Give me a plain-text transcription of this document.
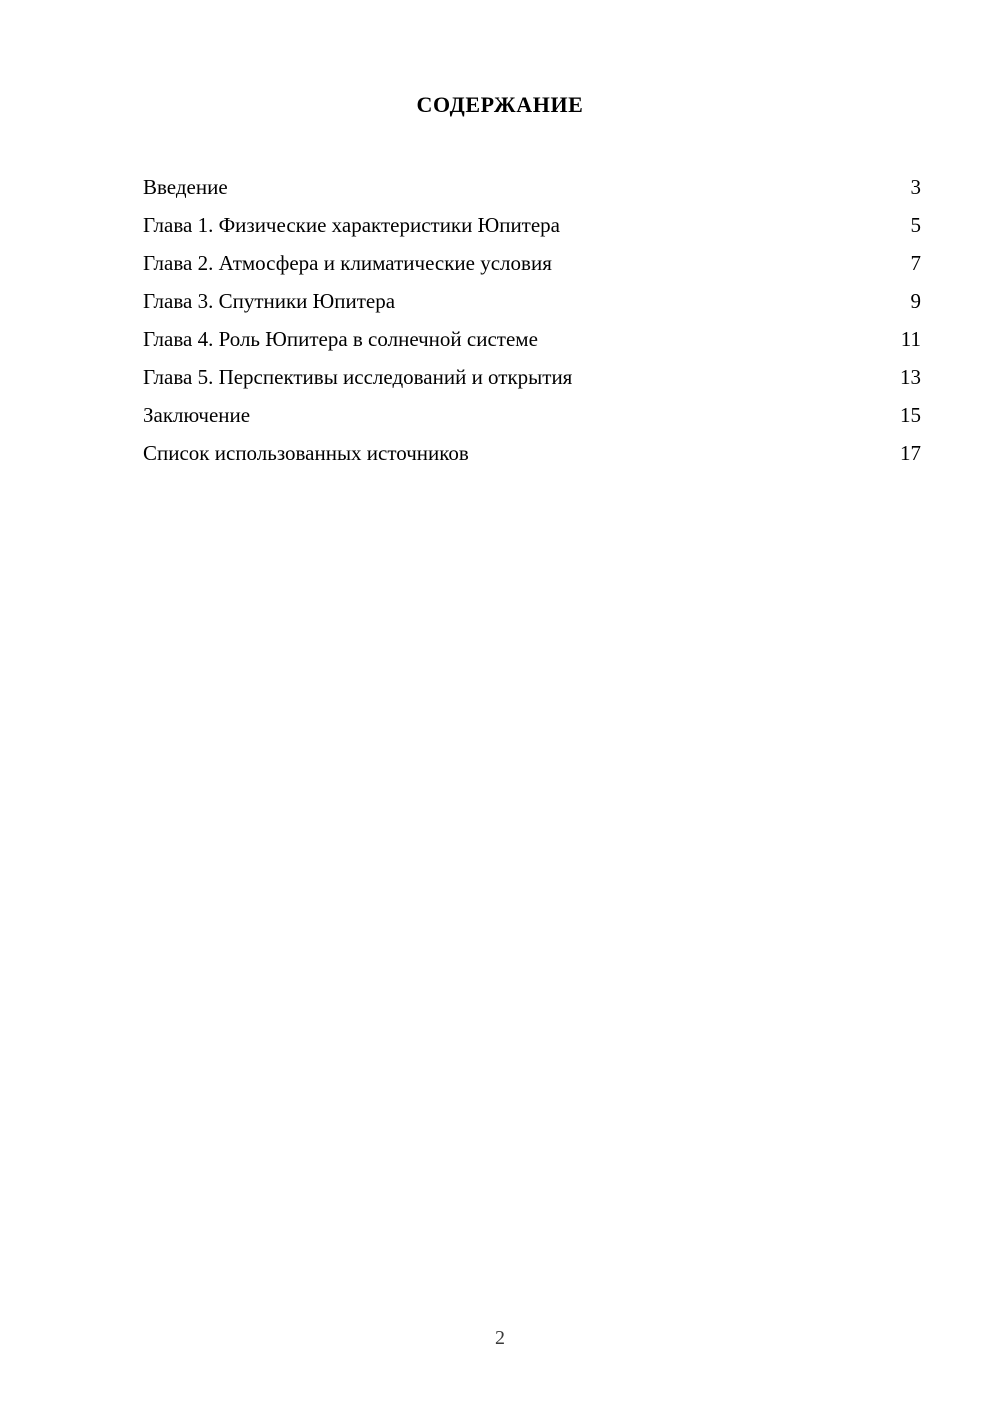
СОДЕРЖАНИЕ
Введение	3
Глава 1. Физические характеристики Юпитера	5
Глава 2. Атмосфера и климатические условия	7
Глава 3. Спутники Юпитера	9
Глава 4. Роль Юпитера в солнечной системе	11
Глава 5. Перспективы исследований и открытия	13
Заключение	15
Список использованных источников	17
2
